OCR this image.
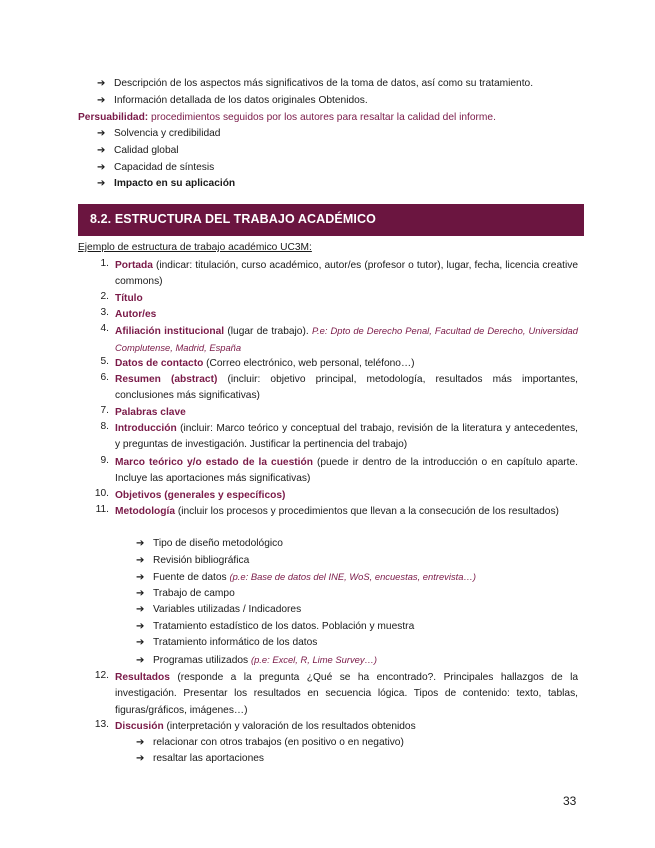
➔ Descripción de los aspectos más significativos de la toma de datos, así como su tratamiento.
➔ Información detallada de los datos originales Obtenidos.
Persuabilidad: procedimientos seguidos por los autores para resaltar la calidad del informe.
➔ Solvencia y credibilidad
➔ Calidad global
➔ Capacidad de síntesis
➔ Impacto en su aplicación
8.2. ESTRUCTURA DEL TRABAJO ACADÉMICO
Ejemplo de estructura de trabajo académico UC3M:
1. Portada (indicar: titulación, curso académico, autor/es (profesor o tutor), lugar, fecha, licencia creative commons)
2. Título
3. Autor/es
4. Afiliación institucional (lugar de trabajo). P.e: Dpto de Derecho Penal, Facultad de Derecho, Universidad Complutense, Madrid, España
5. Datos de contacto (Correo electrónico, web personal, teléfono…)
6. Resumen (abstract) (incluir: objetivo principal, metodología, resultados más importantes, conclusiones más significativas)
7. Palabras clave
8. Introducción (incluir: Marco teórico y conceptual del trabajo, revisión de la literatura y antecedentes, y preguntas de investigación. Justificar la pertinencia del trabajo)
9. Marco teórico y/o estado de la cuestión (puede ir dentro de la introducción o en capítulo aparte. Incluye las aportaciones más significativas)
10. Objetivos (generales y específicos)
11. Metodología (incluir los procesos y procedimientos que llevan a la consecución de los resultados)
➔ Tipo de diseño metodológico
➔ Revisión bibliográfica
➔ Fuente de datos (p.e: Base de datos del INE, WoS, encuestas, entrevista…)
➔ Trabajo de campo
➔ Variables utilizadas / Indicadores
➔ Tratamiento estadístico de los datos. Población y muestra
➔ Tratamiento informático de los datos
➔ Programas utilizados (p.e: Excel, R, Lime Survey…)
12. Resultados (responde a la pregunta ¿Qué se ha encontrado?. Principales hallazgos de la investigación. Presentar los resultados en secuencia lógica. Tipos de contenido: texto, tablas, figuras/gráficos, imágenes…)
13. Discusión (interpretación y valoración de los resultados obtenidos
➔ relacionar con otros trabajos (en positivo o en negativo)
➔ resaltar las aportaciones
33
